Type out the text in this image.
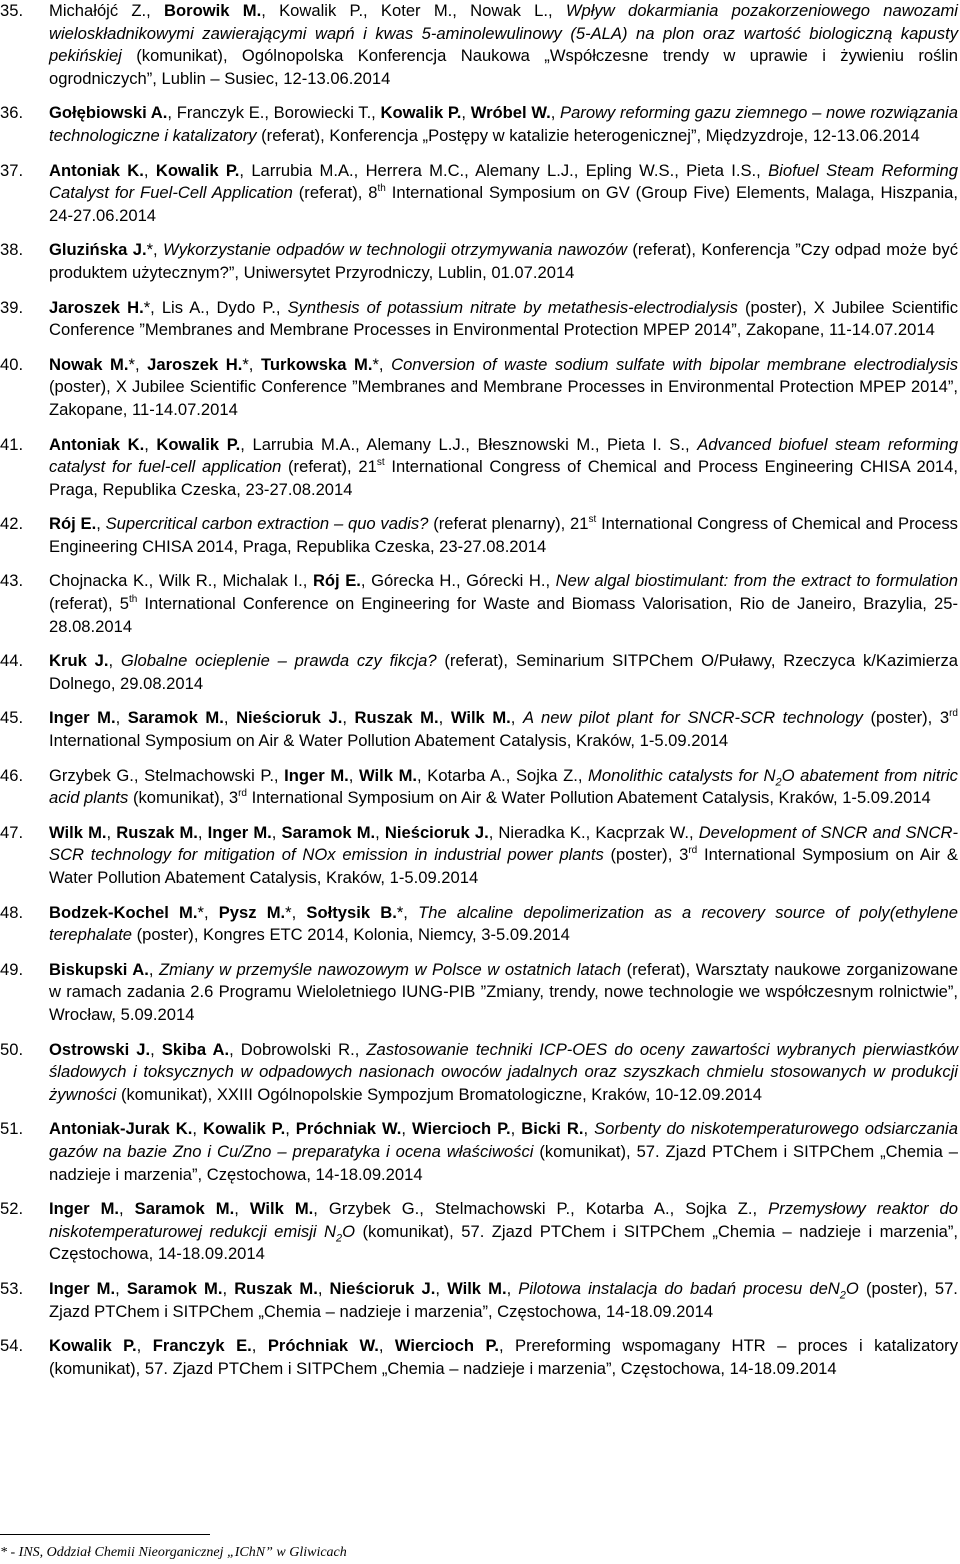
35. Michałójć Z., Borowik M., Kowalik P., Koter M., Nowak L., Wpływ dokarmiania pozakorzeniowego nawozami wieloskładnikowymi zawierającymi wapń i kwas 5-aminolewulinowy (5-ALA) na plon oraz wartość biologiczną kapusty pekińskiej (komunikat), Ogólnopolska Konferencja Naukowa „Współczesne trendy w uprawie i żywieniu roślin ogrodniczych”, Lublin – Susiec, 12-13.06.2014

36. Gołębiowski A., Franczyk E., Borowiecki T., Kowalik P., Wróbel W., Parowy reforming gazu ziemnego – nowe rozwiązania technologiczne i katalizatory (referat), Konferencja „Postępy w katalizie heterogenicznej”, Międzyzdroje, 12-13.06.2014

37. Antoniak K., Kowalik P., Larrubia M.A., Herrera M.C., Alemany L.J., Epling W.S., Pieta I.S., Biofuel Steam Reforming Catalyst for Fuel-Cell Application (referat), 8th International Symposium on GV (Group Five) Elements, Malaga, Hiszpania, 24-27.06.2014

38. Gluzińska J.*, Wykorzystanie odpadów w technologii otrzymywania nawozów (referat), Konferencja ”Czy odpad może być produktem użytecznym?”, Uniwersytet Przyrodniczy, Lublin, 01.07.2014

39. Jaroszek H.*, Lis A., Dydo P., Synthesis of potassium nitrate by metathesis-electrodialysis (poster), X Jubilee Scientific Conference ”Membranes and Membrane Processes in Environmental Protection MPEP 2014”, Zakopane, 11-14.07.2014

40. Nowak M.*, Jaroszek H.*, Turkowska M.*, Conversion of waste sodium sulfate with bipolar membrane electrodialysis (poster), X Jubilee Scientific Conference ”Membranes and Membrane Processes in Environmental Protection MPEP 2014”, Zakopane, 11-14.07.2014

41. Antoniak K., Kowalik P., Larrubia M.A., Alemany L.J., Błesznowski M., Pieta I. S., Advanced biofuel steam reforming catalyst for fuel-cell application (referat), 21st International Congress of Chemical and Process Engineering CHISA 2014, Praga, Republika Czeska, 23-27.08.2014

42. Rój E., Supercritical carbon extraction – quo vadis? (referat plenarny), 21st International Congress of Chemical and Process Engineering CHISA 2014, Praga, Republika Czeska, 23-27.08.2014

43. Chojnacka K., Wilk R., Michalak I., Rój E., Górecka H., Górecki H., New algal biostimulant: from the extract to formulation (referat), 5th International Conference on Engineering for Waste and Biomass Valorisation, Rio de Janeiro, Brazylia, 25-28.08.2014

44. Kruk J., Globalne ocieplenie – prawda czy fikcja? (referat), Seminarium SITPChem O/Puławy, Rzeczyca k/Kazimierza Dolnego, 29.08.2014

45. Inger M., Saramok M., Nieścioruk J., Ruszak M., Wilk M., A new pilot plant for SNCR-SCR technology (poster), 3rd International Symposium on Air & Water Pollution Abatement Catalysis, Kraków, 1-5.09.2014

46. Grzybek G., Stelmachowski P., Inger M., Wilk M., Kotarba A., Sojka Z., Monolithic catalysts for $N_2O$ abatement from nitric acid plants (komunikat), 3rd International Symposium on Air & Water Pollution Abatement Catalysis, Kraków, 1-5.09.2014

47. Wilk M., Ruszak M., Inger M., Saramok M., Nieścioruk J., Nieradka K., Kacprzak W., Development of SNCR and SNCR-SCR technology for mitigation of NOx emission in industrial power plants (poster), 3rd International Symposium on Air & Water Pollution Abatement Catalysis, Kraków, 1-5.09.2014

48. Bodzek-Kochel M.*, Pysz M.*, Sołtysik B.*, The alcaline depolimerization as a recovery source of poly(ethylene terephalate (poster), Kongres ETC 2014, Kolonia, Niemcy, 3-5.09.2014

49. Biskupski A., Zmiany w przemyśle nawozowym w Polsce w ostatnich latach (referat), Warsztaty naukowe zorganizowane w ramach zadania 2.6 Programu Wieloletniego IUNG-PIB ”Zmiany, trendy, nowe technologie we współczesnym rolnictwie”, Wrocław, 5.09.2014

50. Ostrowski J., Skiba A., Dobrowolski R., Zastosowanie techniki ICP-OES do oceny zawartości wybranych pierwiastków śladowych i toksycznych w odpadowych nasionach owoców jadalnych oraz szyszkach chmielu stosowanych w produkcji żywności (komunikat), XXIII Ogólnopolskie Sympozjum Bromatologiczne, Kraków, 10-12.09.2014

51. Antoniak-Jurak K., Kowalik P., Próchniak W., Wiercioch P., Bicki R., Sorbenty do niskotemperaturowego odsiarczania gazów na bazie Zno i Cu/Zno – preparatyka i ocena właściwości (komunikat), 57. Zjazd PTChem i SITPChem „Chemia – nadzieje i marzenia”, Częstochowa, 14-18.09.2014

52. Inger M., Saramok M., Wilk M., Grzybek G., Stelmachowski P., Kotarba A., Sojka Z., Przemysłowy reaktor do niskotemperaturowej redukcji emisji $N_2O$ (komunikat), 57. Zjazd PTChem i SITPChem „Chemia – nadzieje i marzenia”, Częstochowa, 14-18.09.2014

53. Inger M., Saramok M., Ruszak M., Nieścioruk J., Wilk M., Pilotowa instalacja do badań procesu deN$_2$O (poster), 57. Zjazd PTChem i SITPChem „Chemia – nadzieje i marzenia”, Częstochowa, 14-18.09.2014

54. Kowalik P., Franczyk E., Próchniak W., Wiercioch P., Prereforming wspomagany HTR – proces i katalizatory (komunikat), 57. Zjazd PTChem i SITPChem „Chemia – nadzieje i marzenia”, Częstochowa, 14-18.09.2014

* - INS, Oddział Chemii Nieorganicznej „IChN” w Gliwicach
